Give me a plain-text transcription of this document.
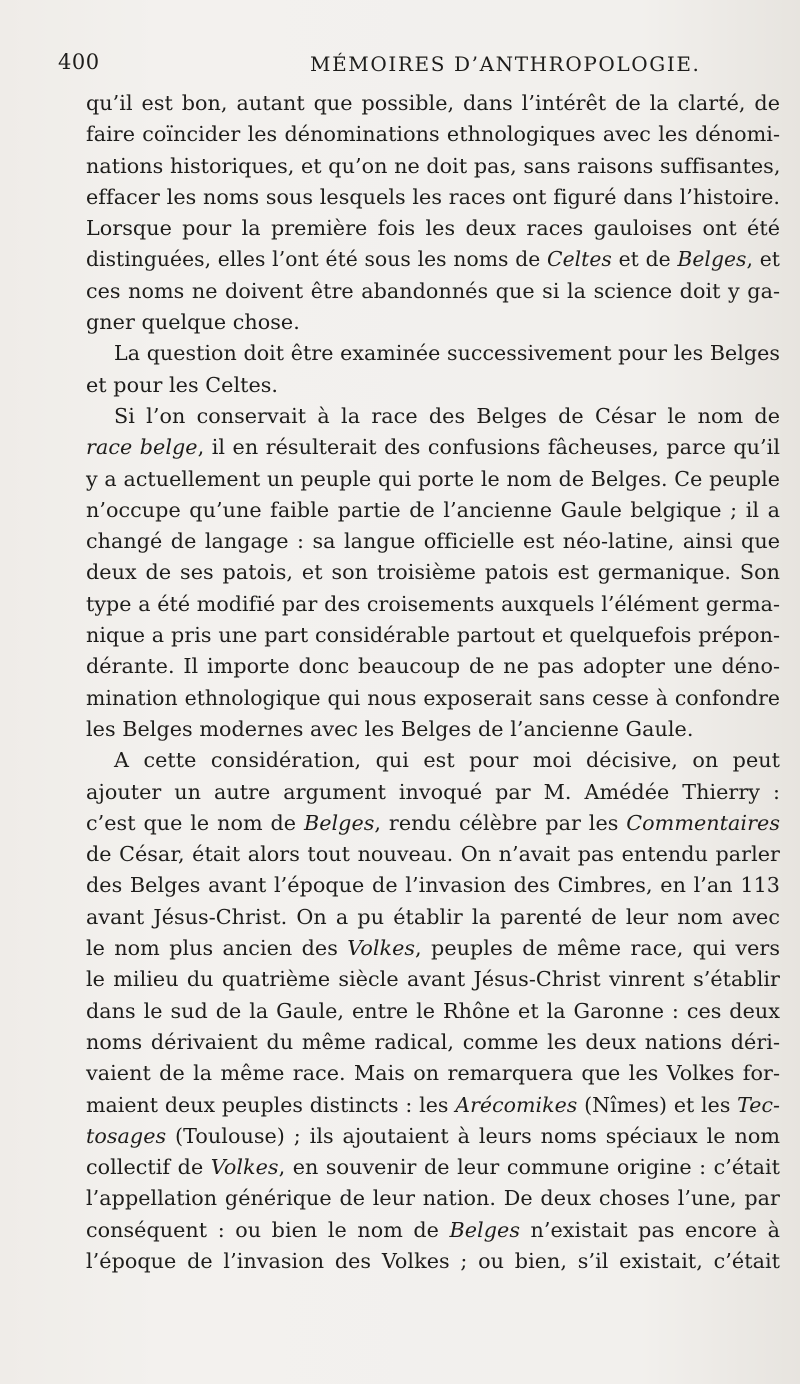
400	MÉMOIRES D’ANTHROPOLOGIE.
qu’il est bon, autant que possible, dans l’intérêt de la clarté, de
faire coïncider les dénominations ethnologiques avec les dénomi-
nations historiques, et qu’on ne doit pas, sans raisons suffisantes,
effacer les noms sous lesquels les races ont figuré dans l’histoire.
Lorsque pour la première fois les deux races gauloises ont été
distinguées, elles l’ont été sous les noms de Celtes et de Belges, et
ces noms ne doivent être abandonnés que si la science doit y ga-
gner quelque chose.
La question doit être examinée successivement pour les Belges
et pour les Celtes.
Si l’on conservait à la race des Belges de César le nom de
race belge, il en résulterait des confusions fâcheuses, parce qu’il
y a actuellement un peuple qui porte le nom de Belges. Ce peuple
n’occupe qu’une faible partie de l’ancienne Gaule belgique ; il a
changé de langage : sa langue officielle est néo-latine, ainsi que
deux de ses patois, et son troisième patois est germanique. Son
type a été modifié par des croisements auxquels l’élément germa-
nique a pris une part considérable partout et quelquefois prépon-
dérante. Il importe donc beaucoup de ne pas adopter une déno-
mination ethnologique qui nous exposerait sans cesse à confondre
les Belges modernes avec les Belges de l’ancienne Gaule.
A cette considération, qui est pour moi décisive, on peut
ajouter un autre argument invoqué par M. Amédée Thierry :
c’est que le nom de Belges, rendu célèbre par les Commentaires
de César, était alors tout nouveau. On n’avait pas entendu parler
des Belges avant l’époque de l’invasion des Cimbres, en l’an 113
avant Jésus-Christ. On a pu établir la parenté de leur nom avec
le nom plus ancien des Volkes, peuples de même race, qui vers
le milieu du quatrième siècle avant Jésus-Christ vinrent s’établir
dans le sud de la Gaule, entre le Rhône et la Garonne : ces deux
noms dérivaient du même radical, comme les deux nations déri-
vaient de la même race. Mais on remarquera que les Volkes for-
maient deux peuples distincts : les Arécomikes (Nîmes) et les Tec-
tosages (Toulouse) ; ils ajoutaient à leurs noms spéciaux le nom
collectif de Volkes, en souvenir de leur commune origine : c’était
l’appellation générique de leur nation. De deux choses l’une, par
conséquent : ou bien le nom de Belges n’existait pas encore à
l’époque de l’invasion des Volkes ; ou bien, s’il existait, c’était
